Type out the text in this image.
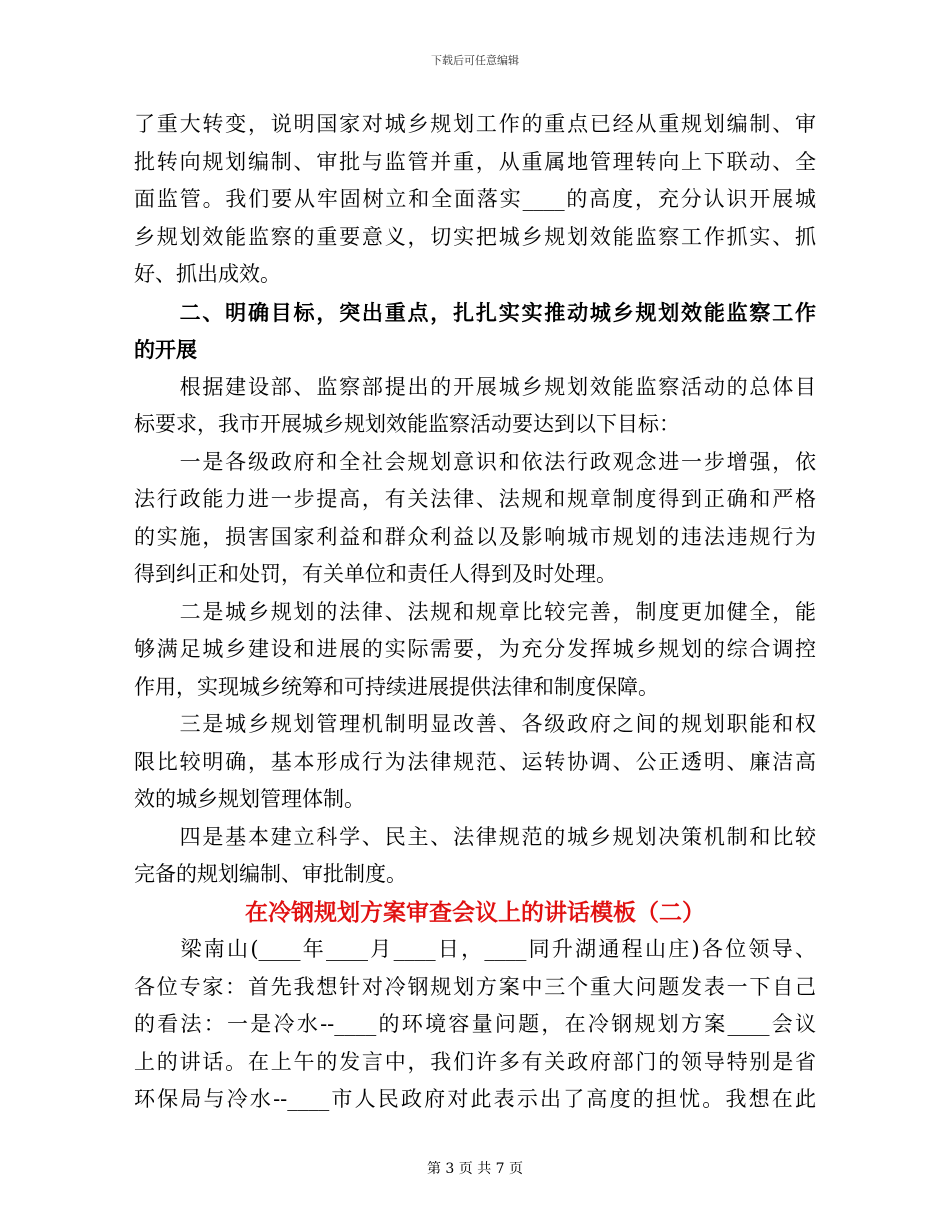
下载后可任意编辑
了重大转变，说明国家对城乡规划工作的重点已经从重规划编制、审
批转向规划编制、审批与监管并重，从重属地管理转向上下联动、全
面监管。我们要从牢固树立和全面落实____的高度，充分认识开展城
乡规划效能监察的重要意义，切实把城乡规划效能监察工作抓实、抓
好、抓出成效。
　　二、明确目标，突出重点，扎扎实实推动城乡规划效能监察工作
的开展
　　根据建设部、监察部提出的开展城乡规划效能监察活动的总体目
标要求，我市开展城乡规划效能监察活动要达到以下目标：
　　一是各级政府和全社会规划意识和依法行政观念进一步增强，依
法行政能力进一步提高，有关法律、法规和规章制度得到正确和严格
的实施，损害国家利益和群众利益以及影响城市规划的违法违规行为
得到纠正和处罚，有关单位和责任人得到及时处理。
　　二是城乡规划的法律、法规和规章比较完善，制度更加健全，能
够满足城乡建设和进展的实际需要，为充分发挥城乡规划的综合调控
作用，实现城乡统筹和可持续进展提供法律和制度保障。
　　三是城乡规划管理机制明显改善、各级政府之间的规划职能和权
限比较明确，基本形成行为法律规范、运转协调、公正透明、廉洁高
效的城乡规划管理体制。
　　四是基本建立科学、民主、法律规范的城乡规划决策机制和比较
完备的规划编制、审批制度。
在冷钢规划方案审查会议上的讲话模板（二）
　　梁南山(____年____月____日，____同升湖通程山庄)各位领导、
各位专家：首先我想针对冷钢规划方案中三个重大问题发表一下自己
的看法：一是冷水--____的环境容量问题，在冷钢规划方案____会议
上的讲话。在上午的发言中，我们许多有关政府部门的领导特别是省
环保局与冷水--____市人民政府对此表示出了高度的担忧。我想在此
第 3 页 共 7 页
